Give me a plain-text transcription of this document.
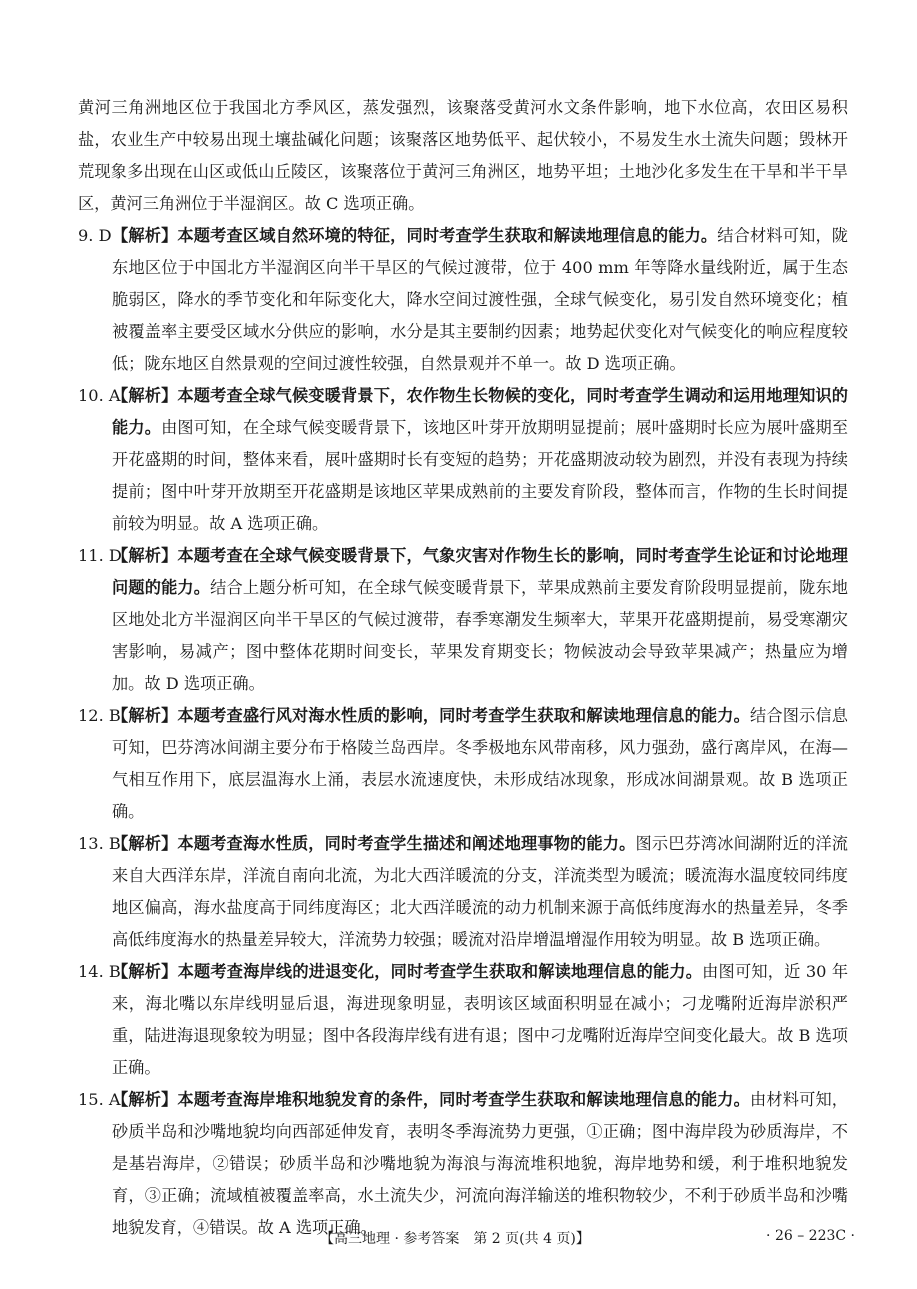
黄河三角洲地区位于我国北方季风区，蒸发强烈，该聚落受黄河水文条件影响，地下水位高，农田区易积盐，农业生产中较易出现土壤盐碱化问题；该聚落区地势低平、起伏较小，不易发生水土流失问题；毁林开荒现象多出现在山区或低山丘陵区，该聚落位于黄河三角洲区，地势平坦；土地沙化多发生在干旱和半干旱区，黄河三角洲位于半湿润区。故 C 选项正确。

9. D 【解析】本题考查区域自然环境的特征，同时考查学生获取和解读地理信息的能力。结合材料可知，陇东地区位于中国北方半湿润区向半干旱区的气候过渡带，位于 400 mm 年等降水量线附近，属于生态脆弱区，降水的季节变化和年际变化大，降水空间过渡性强，全球气候变化，易引发自然环境变化；植被覆盖率主要受区域水分供应的影响，水分是其主要制约因素；地势起伏变化对气候变化的响应程度较低；陇东地区自然景观的空间过渡性较强，自然景观并不单一。故 D 选项正确。

10. A
【解析】本题考查全球气候变暖背景下，农作物生长物候的变化，同时考查学生调动和运用地理知识的能力。由图可知，在全球气候变暖背景下，该地区叶芽开放期明显提前；展叶盛期时长应为展叶盛期至开花盛期的时间，整体来看，展叶盛期时长有变短的趋势；开花盛期波动较为剧烈，并没有表现为持续提前；图中叶芽开放期至开花盛期是该地区苹果成熟前的主要发育阶段，整体而言，作物的生长时间提前较为明显。故 A 选项正确。

11. D
【解析】本题考查在全球气候变暖背景下，气象灾害对作物生长的影响，同时考查学生论证和讨论地理问题的能力。结合上题分析可知，在全球气候变暖背景下，苹果成熟前主要发育阶段明显提前，陇东地区地处北方半湿润区向半干旱区的气候过渡带，春季寒潮发生频率大，苹果开花盛期提前，易受寒潮灾害影响，易减产；图中整体花期时间变长，苹果发育期变长；物候波动会导致苹果减产；热量应为增加。故 D 选项正确。

12. B
【解析】本题考查盛行风对海水性质的影响，同时考查学生获取和解读地理信息的能力。结合图示信息可知，巴芬湾冰间湖主要分布于格陵兰岛西岸。冬季极地东风带南移，风力强劲，盛行离岸风，在海—气相互作用下，底层温海水上涌，表层水流速度快，未形成结冰现象，形成冰间湖景观。故 B 选项正确。

13. B
【解析】本题考查海水性质，同时考查学生描述和阐述地理事物的能力。图示巴芬湾冰间湖附近的洋流来自大西洋东岸，洋流自南向北流，为北大西洋暖流的分支，洋流类型为暖流；暖流海水温度较同纬度地区偏高，海水盐度高于同纬度海区；北大西洋暖流的动力机制来源于高低纬度海水的热量差异，冬季高低纬度海水的热量差异较大，洋流势力较强；暖流对沿岸增温增湿作用较为明显。故 B 选项正确。

14. B
【解析】本题考查海岸线的进退变化，同时考查学生获取和解读地理信息的能力。由图可知，近 30 年来，海北嘴以东岸线明显后退，海进现象明显，表明该区域面积明显在减小；刁龙嘴附近海岸淤积严重，陆进海退现象较为明显；图中各段海岸线有进有退；图中刁龙嘴附近海岸空间变化最大。故 B 选项正确。

15. A
【解析】本题考查海岸堆积地貌发育的条件，同时考查学生获取和解读地理信息的能力。由材料可知，砂质半岛和沙嘴地貌均向西部延伸发育，表明冬季海流势力更强，①正确；图中海岸段为砂质海岸，不是基岩海岸，②错误；砂质半岛和沙嘴地貌为海浪与海流堆积地貌，海岸地势和缓，利于堆积地貌发育，③正确；流域植被覆盖率高，水土流失少，河流向海洋输送的堆积物较少，不利于砂质半岛和沙嘴地貌发育，④错误。故 A 选项正确。

【高三地理 · 参考答案　第 2 页(共 4 页)】	· 26 – 223C ·
